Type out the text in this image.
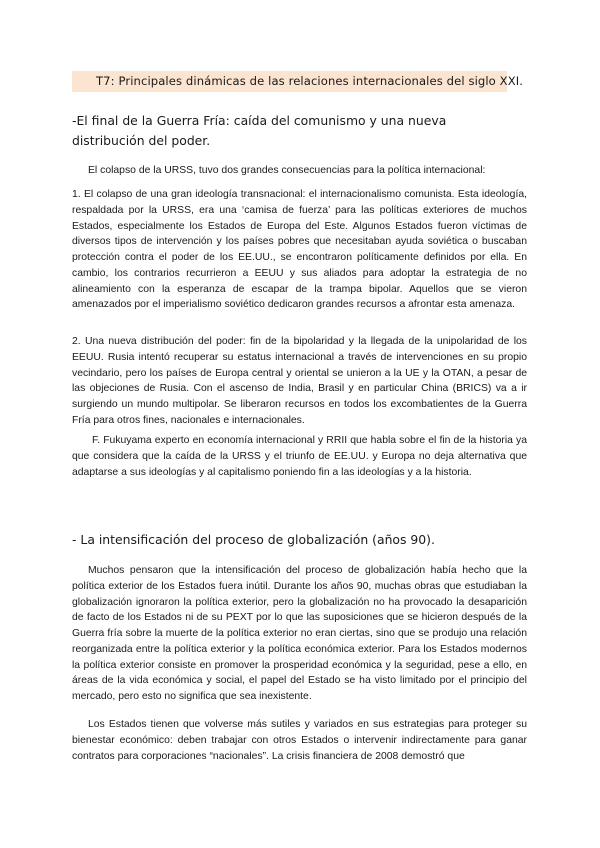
T7: Principales dinámicas de las relaciones internacionales del siglo XXI.
-El final de la Guerra Fría: caída del comunismo y una nueva distribución del poder.
El colapso de la URSS, tuvo dos grandes consecuencias para la política internacional:
1. El colapso de una gran ideología transnacional: el internacionalismo comunista. Esta ideología, respaldada por la URSS, era una ‘camisa de fuerza’ para las políticas exteriores de muchos Estados, especialmente los Estados de Europa del Este. Algunos Estados fueron víctimas de diversos tipos de intervención y los países pobres que necesitaban ayuda soviética o buscaban protección contra el poder de los EE.UU., se encontraron políticamente definidos por ella. En cambio, los contrarios recurrieron a EEUU y sus aliados para adoptar la estrategia de no alineamiento con la esperanza de escapar de la trampa bipolar. Aquellos que se vieron amenazados por el imperialismo soviético dedicaron grandes recursos a afrontar esta amenaza.
2. Una nueva distribución del poder: fin de la bipolaridad y la llegada de la unipolaridad de los EEUU. Rusia intentó recuperar su estatus internacional a través de intervenciones en su propio vecindario, pero los países de Europa central y oriental se unieron a la UE y la OTAN, a pesar de las objeciones de Rusia. Con el ascenso de India, Brasil y en particular China (BRICS) va a ir surgiendo un mundo multipolar. Se liberaron recursos en todos los excombatientes de la Guerra Fría para otros fines, nacionales e internacionales.
F. Fukuyama experto en economía internacional y RRII que habla sobre el fin de la historia ya que considera que la caída de la URSS y el triunfo de EE.UU. y Europa no deja alternativa que adaptarse a sus ideologías y al capitalismo poniendo fin a las ideologías y a la historia.
- La intensificación del proceso de globalización (años 90).
Muchos pensaron que la intensificación del proceso de globalización había hecho que la política exterior de los Estados fuera inútil. Durante los años 90, muchas obras que estudiaban la globalización ignoraron la política exterior, pero la globalización no ha provocado la desaparición de facto de los Estados ni de su PEXT por lo que las suposiciones que se hicieron después de la Guerra fría sobre la muerte de la política exterior no eran ciertas, sino que se produjo una relación reorganizada entre la política exterior y la política económica exterior. Para los Estados modernos la política exterior consiste en promover la prosperidad económica y la seguridad, pese a ello, en áreas de la vida económica y social, el papel del Estado se ha visto limitado por el principio del mercado, pero esto no significa que sea inexistente.
Los Estados tienen que volverse más sutiles y variados en sus estrategias para proteger su bienestar económico: deben trabajar con otros Estados o intervenir indirectamente para ganar contratos para corporaciones “nacionales”. La crisis financiera de 2008 demostró que
